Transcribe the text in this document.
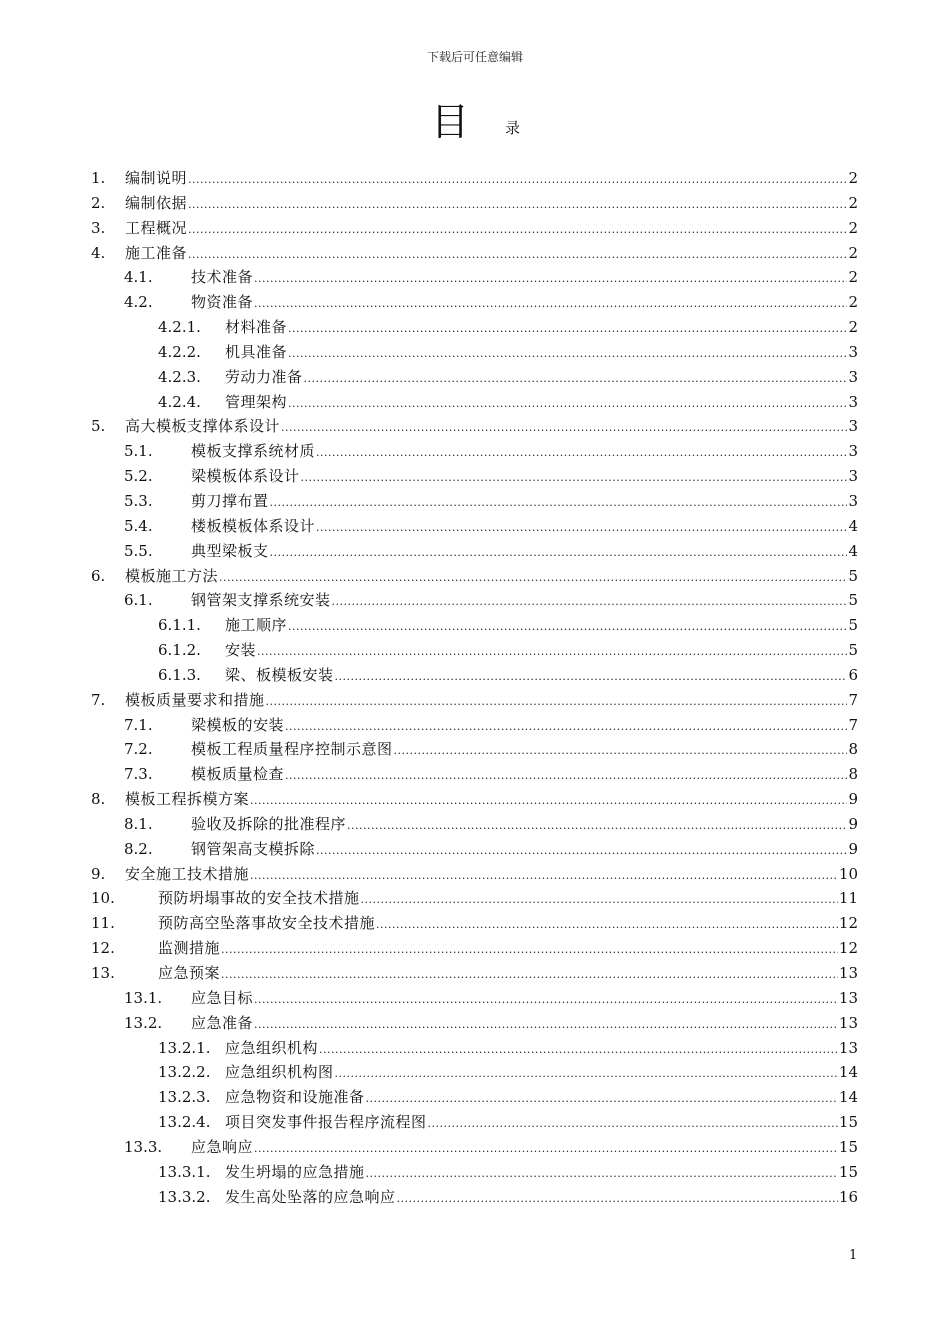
下载后可任意编辑
目 录
1. 编制说明 .....	2
2. 编制依据 .....	2
3. 工程概况 .....	2
4. 施工准备 .....	2
4.1.	技术准备 .....	2
4.2.	物资准备 .....	2
4.2.1. 材料准备 .....	2
4.2.2. 机具准备 .....	3
4.2.3. 劳动力准备 .....	3
4.2.4. 管理架构 .....	3
5. 高大模板支撑体系设计 .....	3
5.1.	模板支撑系统材质 .....	3
5.2.	梁模板体系设计 .....	3
5.3.	剪刀撑布置 .....	3
5.4.	楼板模板体系设计 .....	4
5.5.	典型梁板支 .....	4
6. 模板施工方法 .....	5
6.1.	钢管架支撑系统安装 .....	5
6.1.1. 施工顺序 .....	5
6.1.2. 安装 .....	5
6.1.3. 梁、板模板安装 .....	6
7. 模板质量要求和措施 .....	7
7.1.	梁模板的安装 .....	7
7.2.	模板工程质量程序控制示意图 .....	8
7.3.	模板质量检查 .....	8
8. 模板工程拆模方案 .....	9
8.1.	验收及拆除的批准程序 .....	9
8.2.	钢管架高支模拆除 .....	9
9. 安全施工技术措施 .....	10
10.	预防坍塌事故的安全技术措施 .....	11
11.	预防高空坠落事故安全技术措施 .....	12
12.	监测措施 .....	12
13.	应急预案 .....	13
13.1. 应急目标 .....	13
13.2. 应急准备 .....	13
13.2.1. 应急组织机构 .....	13
13.2.2. 应急组织机构图 .....	14
13.2.3. 应急物资和设施准备 .....	14
13.2.4. 项目突发事件报告程序流程图 .....	15
13.3. 应急响应 .....	15
13.3.1. 发生坍塌的应急措施 .....	15
13.3.2. 发生高处坠落的应急响应 .....	16
1
